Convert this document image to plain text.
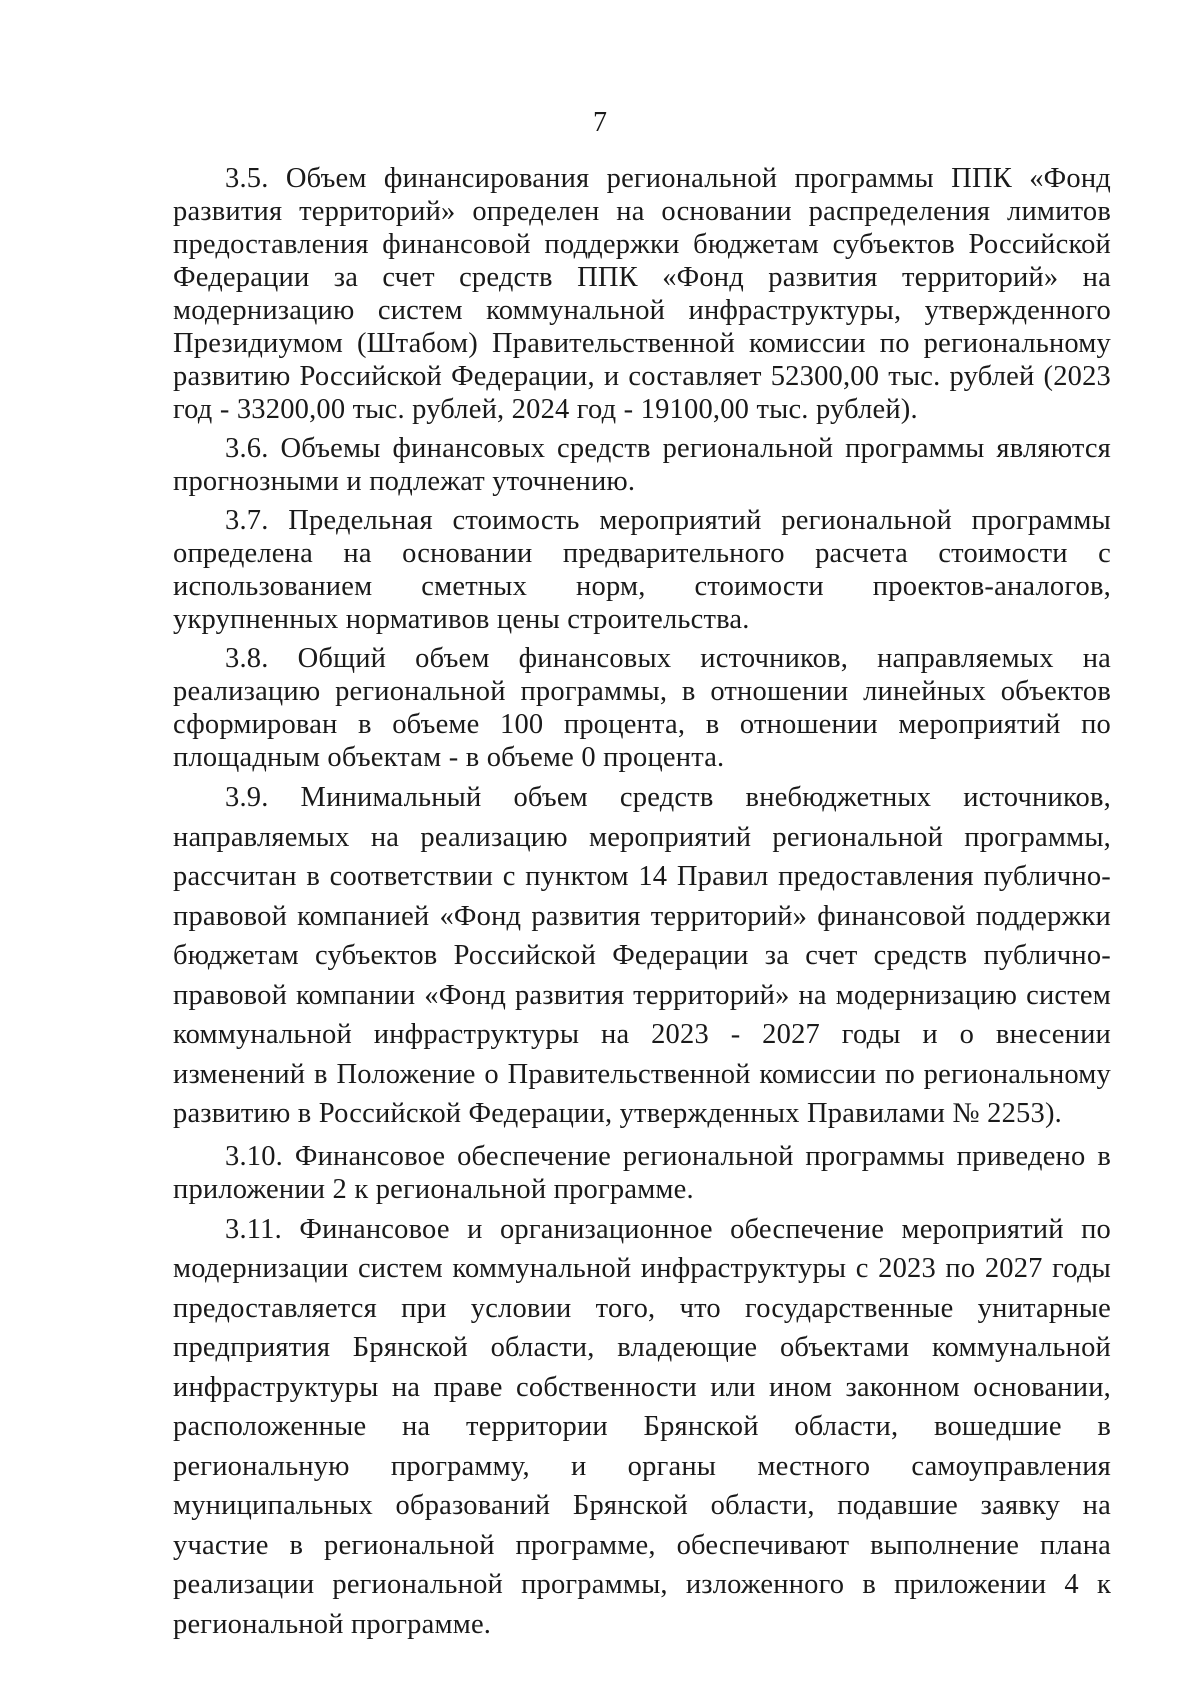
7

3.5. Объем финансирования региональной программы ППК «Фонд развития территорий» определен на основании распределения лимитов предоставления финансовой поддержки бюджетам субъектов Российской Федерации за счет средств ППК «Фонд развития территорий» на модернизацию систем коммунальной инфраструктуры, утвержденного Президиумом (Штабом) Правительственной комиссии по региональному развитию Российской Федерации, и составляет 52300,00 тыс. рублей (2023 год - 33200,00 тыс. рублей, 2024 год - 19100,00 тыс. рублей).

3.6. Объемы финансовых средств региональной программы являются прогнозными и подлежат уточнению.

3.7. Предельная стоимость мероприятий региональной программы определена на основании предварительного расчета стоимости с использованием сметных норм, стоимости проектов-аналогов, укрупненных нормативов цены строительства.

3.8. Общий объем финансовых источников, направляемых на реализацию региональной программы, в отношении линейных объектов сформирован в объеме 100 процента, в отношении мероприятий по площадным объектам - в объеме 0 процента.

3.9. Минимальный объем средств внебюджетных источников, направляемых на реализацию мероприятий региональной программы, рассчитан в соответствии с пунктом 14 Правил предоставления публично-правовой компанией «Фонд развития территорий» финансовой поддержки бюджетам субъектов Российской Федерации за счет средств публично-правовой компании «Фонд развития территорий» на модернизацию систем коммунальной инфраструктуры на 2023 - 2027 годы и о внесении изменений в Положение о Правительственной комиссии по региональному развитию в Российской Федерации, утвержденных Правилами № 2253).

3.10. Финансовое обеспечение региональной программы приведено в приложении 2 к региональной программе.

3.11. Финансовое и организационное обеспечение мероприятий по модернизации систем коммунальной инфраструктуры с 2023 по 2027 годы предоставляется при условии того, что государственные унитарные предприятия Брянской области, владеющие объектами коммунальной инфраструктуры на праве собственности или ином законном основании, расположенные на территории Брянской области, вошедшие в региональную программу, и органы местного самоуправления муниципальных образований Брянской области, подавшие заявку на участие в региональной программе, обеспечивают выполнение плана реализации региональной программы, изложенного в приложении 4 к региональной программе.
